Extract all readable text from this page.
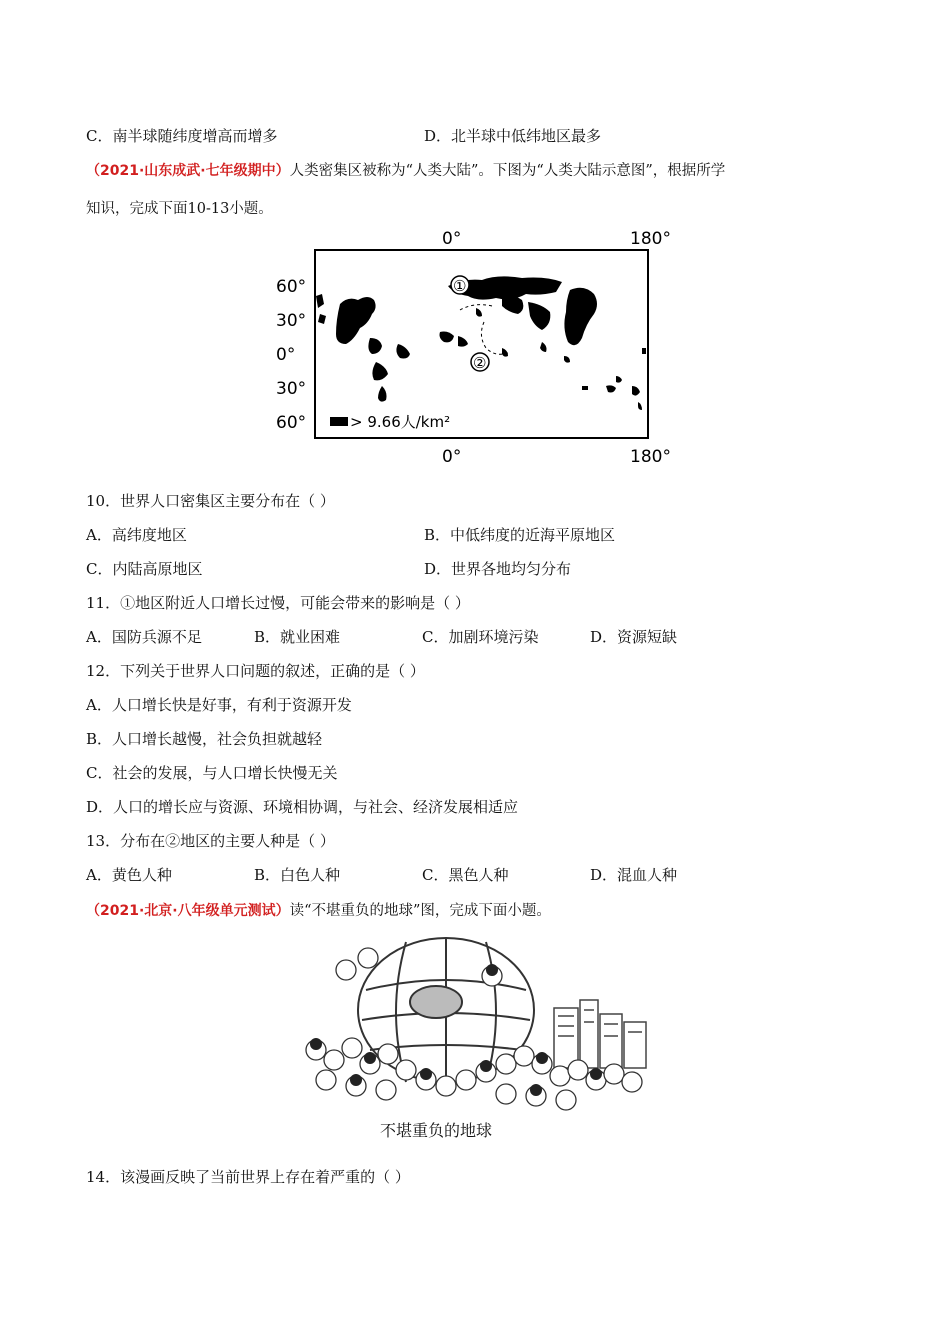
C．南半球随纬度增高而增多	D．北半球中低纬地区最多
（2021·山东成武·七年级期中）人类密集区被称为“人类大陆”。下图为“人类大陆示意图”，根据所学
知识，完成下面10-13小题。
0°	180°
60°
30°
0°
30°
60°
①
②
> 9.66人/km²
0°	180°
10．世界人口密集区主要分布在（ ）
A．高纬度地区	B．中低纬度的近海平原地区
C．内陆高原地区	D．世界各地均匀分布
11．①地区附近人口增长过慢，可能会带来的影响是（ ）
A．国防兵源不足	B．就业困难	C．加剧环境污染	D．资源短缺
12．下列关于世界人口问题的叙述，正确的是（ ）
A．人口增长快是好事，有利于资源开发
B．人口增长越慢，社会负担就越轻
C．社会的发展，与人口增长快慢无关
D．人口的增长应与资源、环境相协调，与社会、经济发展相适应
13．分布在②地区的主要人种是（ ）
A．黄色人种	B．白色人种	C．黑色人种	D．混血人种
（2021·北京·八年级单元测试）读“不堪重负的地球”图，完成下面小题。
不堪重负的地球
14．该漫画反映了当前世界上存在着严重的（ ）
